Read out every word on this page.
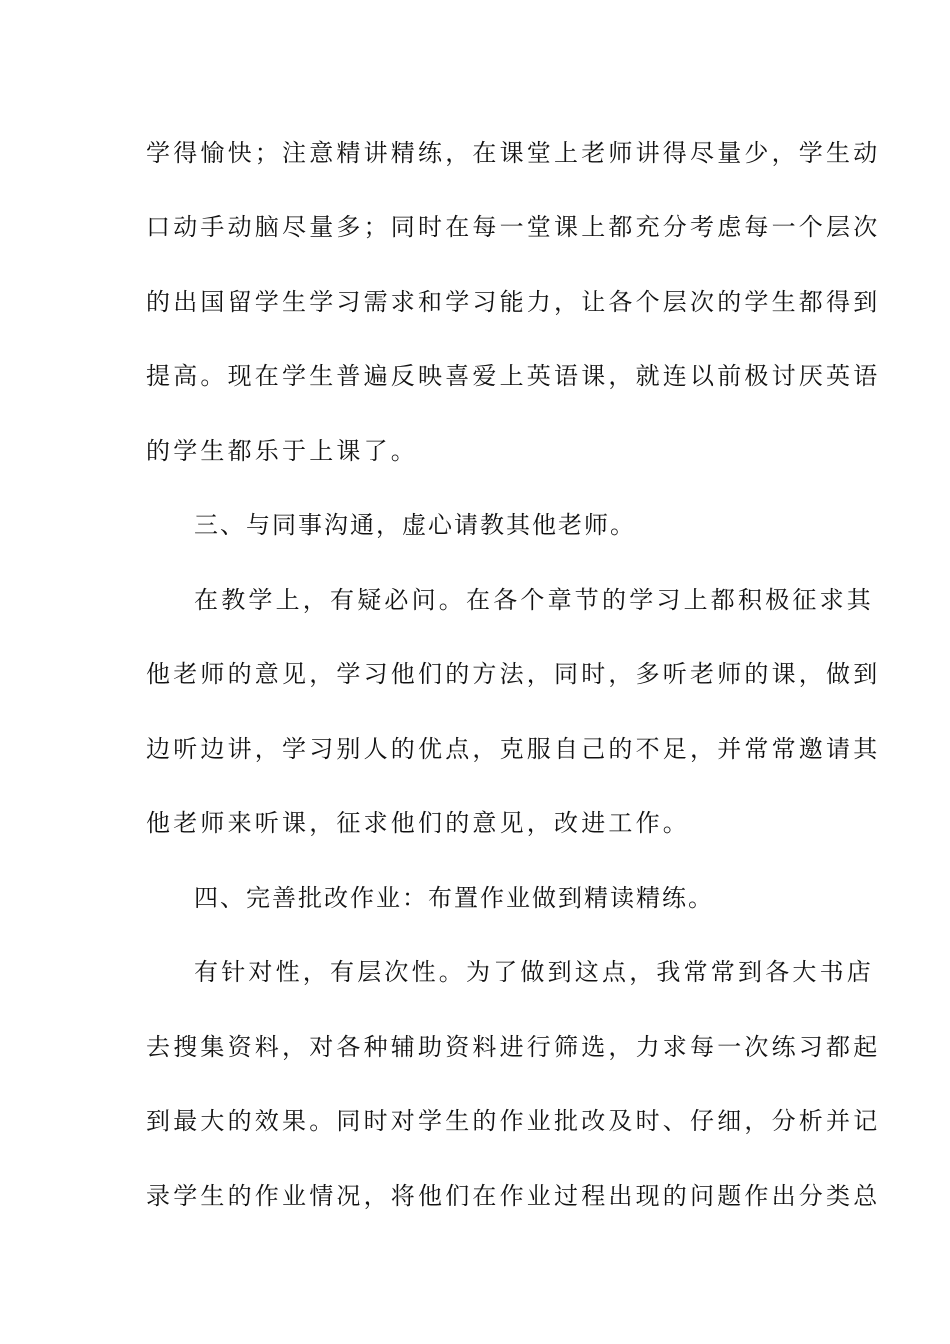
学得愉快；注意精讲精练，在课堂上老师讲得尽量少，学生动
口动手动脑尽量多；同时在每一堂课上都充分考虑每一个层次
的出国留学生学习需求和学习能力，让各个层次的学生都得到
提高。现在学生普遍反映喜爱上英语课，就连以前极讨厌英语
的学生都乐于上课了。
三、与同事沟通，虚心请教其他老师。
在教学上，有疑必问。在各个章节的学习上都积极征求其
他老师的意见，学习他们的方法，同时，多听老师的课，做到
边听边讲，学习别人的优点，克服自己的不足，并常常邀请其
他老师来听课，征求他们的意见，改进工作。
四、完善批改作业：布置作业做到精读精练。
有针对性，有层次性。为了做到这点，我常常到各大书店
去搜集资料，对各种辅助资料进行筛选，力求每一次练习都起
到最大的效果。同时对学生的作业批改及时、仔细，分析并记
录学生的作业情况，将他们在作业过程出现的问题作出分类总
